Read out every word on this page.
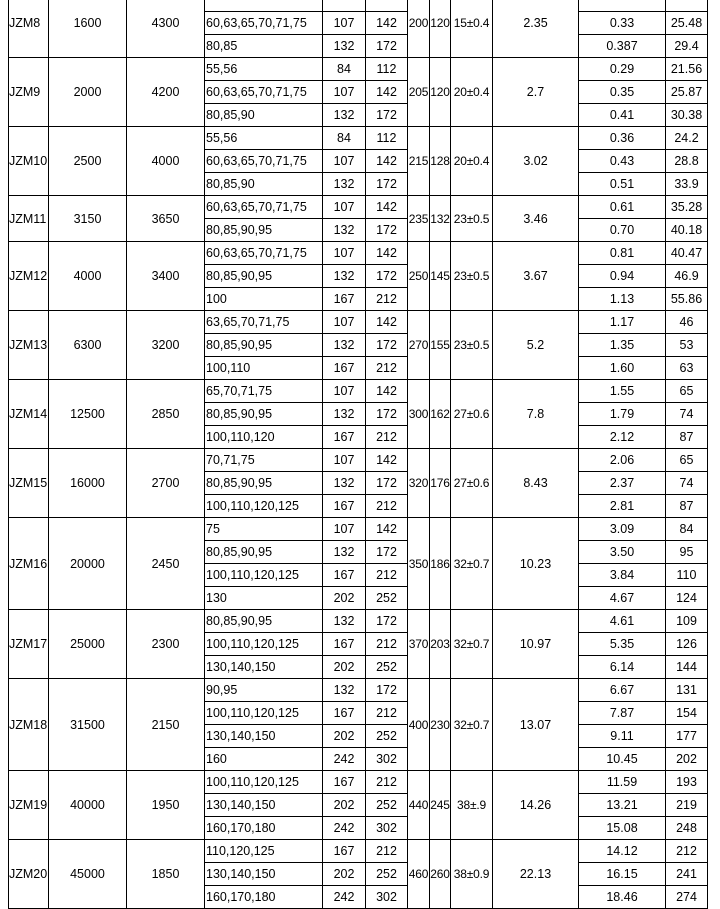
JZM8	1600	4300				200	120	15±0.4	2.35		
			60,63,65,70,71,75	107	142					0.33	25.48
			80,85	132	172					0.387	29.4
JZM9	2000	4200	55,56	84	112	205	120	20±0.4	2.7	0.29	21.56
			60,63,65,70,71,75	107	142					0.35	25.87
			80,85,90	132	172					0.41	30.38
JZM10	2500	4000	55,56	84	112	215	128	20±0.4	3.02	0.36	24.2
			60,63,65,70,71,75	107	142					0.43	28.8
			80,85,90	132	172					0.51	33.9
JZM11	3150	3650	60,63,65,70,71,75	107	142	235	132	23±0.5	3.46	0.61	35.28
			80,85,90,95	132	172					0.70	40.18
JZM12	4000	3400	60,63,65,70,71,75	107	142	250	145	23±0.5	3.67	0.81	40.47
			80,85,90,95	132	172					0.94	46.9
			100	167	212					1.13	55.86
JZM13	6300	3200	63,65,70,71,75	107	142	270	155	23±0.5	5.2	1.17	46
			80,85,90,95	132	172					1.35	53
			100,110	167	212					1.60	63
JZM14	12500	2850	65,70,71,75	107	142	300	162	27±0.6	7.8	1.55	65
			80,85,90,95	132	172					1.79	74
			100,110,120	167	212					2.12	87
JZM15	16000	2700	70,71,75	107	142	320	176	27±0.6	8.43	2.06	65
			80,85,90,95	132	172					2.37	74
			100,110,120,125	167	212					2.81	87
JZM16	20000	2450	75	107	142	350	186	32±0.7	10.23	3.09	84
			80,85,90,95	132	172					3.50	95
			100,110,120,125	167	212					3.84	110
			130	202	252					4.67	124
JZM17	25000	2300	80,85,90,95	132	172	370	203	32±0.7	10.97	4.61	109
			100,110,120,125	167	212					5.35	126
			130,140,150	202	252					6.14	144
JZM18	31500	2150	90,95	132	172	400	230	32±0.7	13.07	6.67	131
			100,110,120,125	167	212					7.87	154
			130,140,150	202	252					9.11	177
			160	242	302					10.45	202
JZM19	40000	1950	100,110,120,125	167	212	440	245	38±.9	14.26	11.59	193
			130,140,150	202	252					13.21	219
			160,170,180	242	302					15.08	248
JZM20	45000	1850	110,120,125	167	212	460	260	38±0.9	22.13	14.12	212
			130,140,150	202	252					16.15	241
			160,170,180	242	302					18.46	274
